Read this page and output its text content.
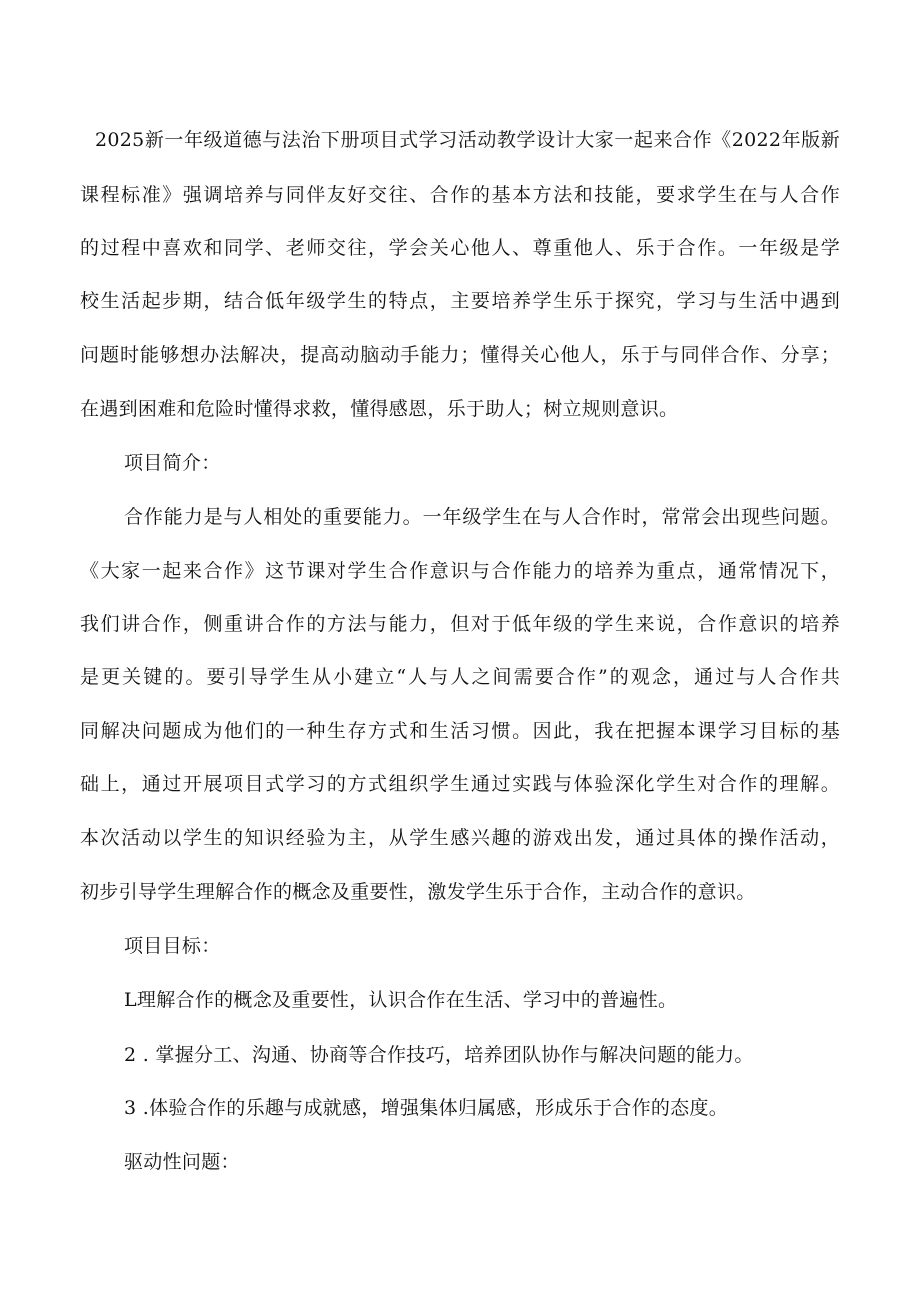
2025新一年级道德与法治下册项目式学习活动教学设计大家一起来合作《2022年版新
课程标准》强调培养与同伴友好交往、合作的基本方法和技能，要求学生在与人合作
的过程中喜欢和同学、老师交往，学会关心他人、尊重他人、乐于合作。一年级是学
校生活起步期，结合低年级学生的特点，主要培养学生乐于探究，学习与生活中遇到
问题时能够想办法解决，提高动脑动手能力；懂得关心他人，乐于与同伴合作、分享；
在遇到困难和危险时懂得求救，懂得感恩，乐于助人；树立规则意识。
项目简介：
合作能力是与人相处的重要能力。一年级学生在与人合作时，常常会出现些问题。
《大家一起来合作》这节课对学生合作意识与合作能力的培养为重点，通常情况下，
我们讲合作，侧重讲合作的方法与能力，但对于低年级的学生来说，合作意识的培养
是更关键的。要引导学生从小建立“人与人之间需要合作”的观念，通过与人合作共
同解决问题成为他们的一种生存方式和生活习惯。因此，我在把握本课学习目标的基
础上，通过开展项目式学习的方式组织学生通过实践与体验深化学生对合作的理解。
本次活动以学生的知识经验为主，从学生感兴趣的游戏出发，通过具体的操作活动，
初步引导学生理解合作的概念及重要性，激发学生乐于合作，主动合作的意识。
项目目标：
L理解合作的概念及重要性，认识合作在生活、学习中的普遍性。
2 . 掌握分工、沟通、协商等合作技巧，培养团队协作与解决问题的能力。
3 .体验合作的乐趣与成就感，增强集体归属感，形成乐于合作的态度。
驱动性问题：
